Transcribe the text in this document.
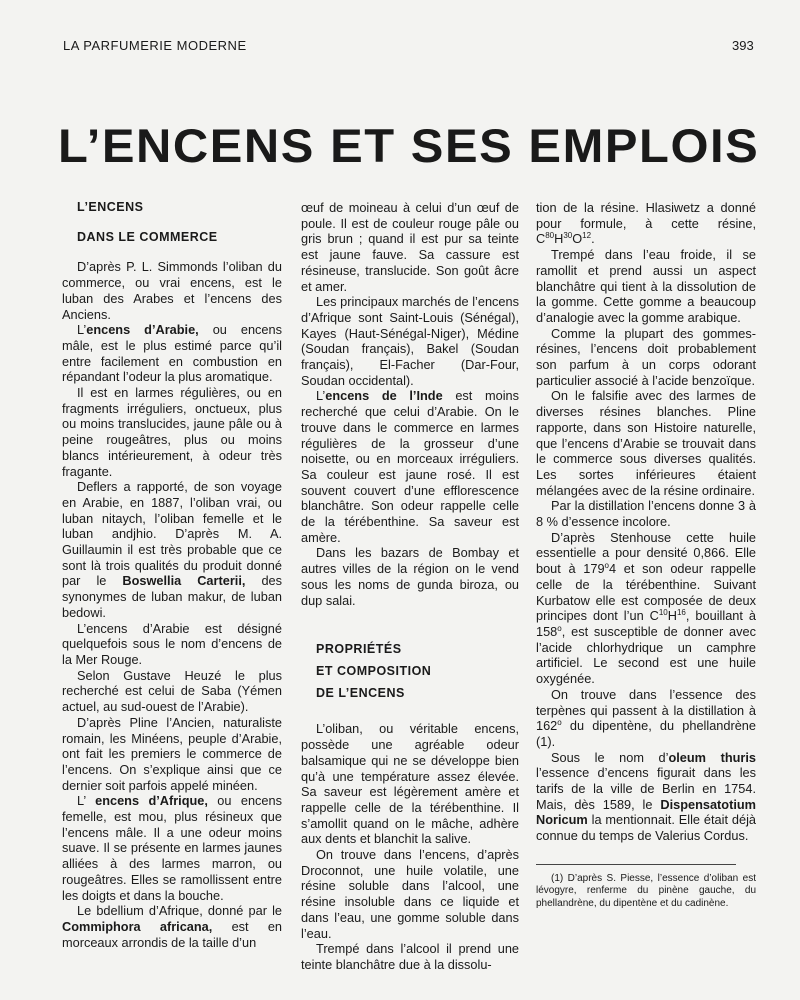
LA PARFUMERIE MODERNE	393
L’ENCENS ET SES EMPLOIS

L’ENCENS

DANS LE COMMERCE

D’après P. L. Simmonds l’oliban du commerce, ou vrai encens, est le luban des Arabes et l’encens des Anciens.

L’encens d’Arabie, ou encens mâle, est le plus estimé parce qu’il entre facilement en combustion en répandant l’odeur la plus aromatique.

Il est en larmes régulières, ou en fragments irréguliers, onctueux, plus ou moins translucides, jaune pâle ou à peine rougeâtres, plus ou moins blancs intérieurement, à odeur très fragante.

Deflers a rapporté, de son voyage en Arabie, en 1887, l’oliban vrai, ou luban nitaych, l’oliban femelle et le luban andjhio. D’après M. A. Guillaumin il est très probable que ce sont là trois qualités du produit donné par le Boswellia Carterii, des synonymes de luban makur, de luban bedowi.

L’encens d’Arabie est désigné quelquefois sous le nom d’encens de la Mer Rouge.

Selon Gustave Heuzé le plus recherché est celui de Saba (Yémen actuel, au sud-ouest de l’Arabie).

D’après Pline l’Ancien, naturaliste romain, les Minéens, peuple d’Arabie, ont fait les premiers le commerce de l’encens. On s’explique ainsi que ce dernier soit parfois appelé minéen.

L’ encens d’Afrique, ou encens femelle, est mou, plus résineux que l’encens mâle. Il a une odeur moins suave. Il se présente en larmes jaunes alliées à des larmes marron, ou rougeâtres. Elles se ramollissent entre les doigts et dans la bouche.

Le bdellium d’Afrique, donné par le Commiphora africana, est en morceaux arrondis de la taille d’un

œuf de moineau à celui d’un œuf de poule. Il est de couleur rouge pâle ou gris brun ; quand il est pur sa teinte est jaune fauve. Sa cassure est résineuse, translucide. Son goût âcre et amer.

Les principaux marchés de l’encens d’Afrique sont Saint-Louis (Sénégal), Kayes (Haut-Sénégal-Niger), Médine (Soudan français), Bakel (Soudan français), El-Facher (Dar-Four, Soudan occidental).

L’encens de l’Inde est moins recherché que celui d’Arabie. On le trouve dans le commerce en larmes régulières de la grosseur d’une noisette, ou en morceaux irréguliers. Sa couleur est jaune rosé. Il est souvent couvert d’une efflorescence blanchâtre. Son odeur rappelle celle de la térébenthine. Sa saveur est amère.

Dans les bazars de Bombay et autres villes de la région on le vend sous les noms de gunda biroza, ou dup salai.

PROPRIÉTÉS

ET COMPOSITION

DE L’ENCENS

L’oliban, ou véritable encens, possède une agréable odeur balsamique qui ne se développe bien qu’à une température assez élevée. Sa saveur est légèrement amère et rappelle celle de la térébenthine. Il s’amollit quand on le mâche, adhère aux dents et blanchit la salive.

On trouve dans l’encens, d’après Droconnot, une huile volatile, une résine soluble dans l’alcool, une résine insoluble dans ce liquide et dans l’eau, une gomme soluble dans l’eau.

Trempé dans l’alcool il prend une teinte blanchâtre due à la dissolu-

tion de la résine. Hlasiwetz a donné pour formule, à cette résine, $C^{80}H^{30}O^{12}$.

Trempé dans l’eau froide, il se ramollit et prend aussi un aspect blanchâtre qui tient à la dissolution de la gomme. Cette gomme a beaucoup d’analogie avec la gomme arabique.

Comme la plupart des gommes-résines, l’encens doit probablement son parfum à un corps odorant particulier associé à l’acide benzoïque.

On le falsifie avec des larmes de diverses résines blanches. Pline rapporte, dans son Histoire naturelle, que l’encens d’Arabie se trouvait dans le commerce sous diverses qualités. Les sortes inférieures étaient mélangées avec de la résine ordinaire.

Par la distillation l’encens donne 3 à 8 % d’essence incolore.

D’après Stenhouse cette huile essentielle a pour densité 0,866. Elle bout à 179$^o$4 et son odeur rappelle celle de la térébenthine. Suivant Kurbatow elle est composée de deux principes dont l’un $C^{10}H^{16}$, bouillant à 158$^o$, est susceptible de donner avec l’acide chlorhydrique un camphre artificiel. Le second est une huile oxygénée.

On trouve dans l’essence des terpènes qui passent à la distillation à 162$^o$ du dipentène, du phellandrène (1).

Sous le nom d’oleum thuris l’essence d’encens figurait dans les tarifs de la ville de Berlin en 1754. Mais, dès 1589, le Dispensatotium Noricum la mentionnait. Elle était déjà connue du temps de Valerius Cordus.

(1) D’après S. Piesse, l’essence d’oliban est lévogyre, renferme du pinène gauche, du phellandrène, du dipentène et du cadinène.
